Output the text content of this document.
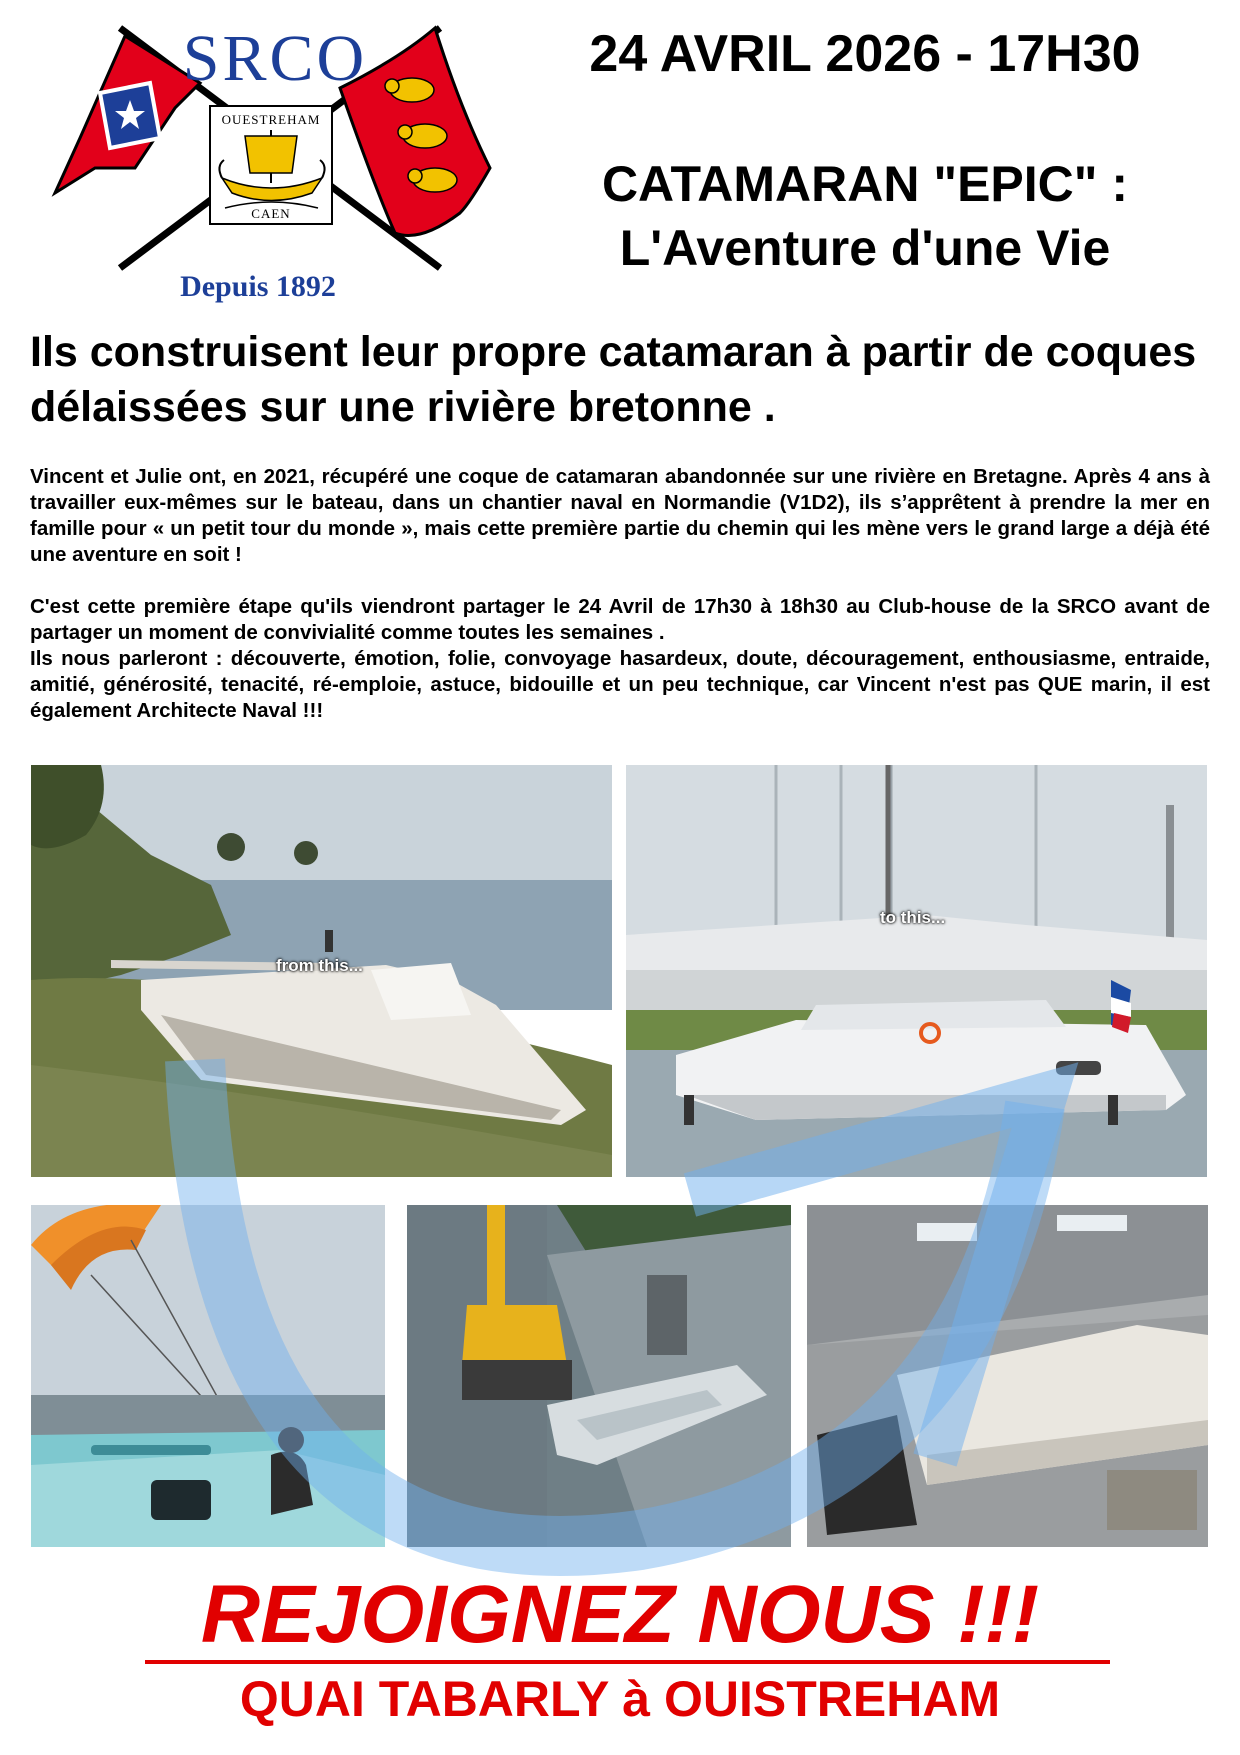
SRCO
OUESTREHAM
CAEN
Depuis 1892
24 AVRIL 2026 - 17H30
CATAMARAN "EPIC" :
L'Aventure d'une Vie
Ils construisent leur propre catamaran à partir de coques délaissées sur une rivière bretonne .

Vincent et Julie ont, en 2021, récupéré une coque de catamaran abandonnée sur une rivière en Bretagne. Après 4 ans à travailler eux-mêmes sur le bateau, dans un chantier naval en Normandie (V1D2), ils s’apprêtent à prendre la mer en famille pour « un petit tour du monde », mais cette première partie du chemin qui les mène vers le grand large a déjà été une aventure en soit !

C'est cette première étape qu'ils viendront partager le 24 Avril de 17h30 à 18h30 au Club-house de la SRCO avant de partager un moment de convivialité comme toutes les semaines .

Ils nous parleront : découverte, émotion, folie, convoyage hasardeux, doute, découragement, enthousiasme, entraide, amitié, générosité, tenacité, ré-emploie, astuce, bidouille et un peu technique, car Vincent n'est pas QUE marin, il est également Architecte Naval !!!

from this...
to this...
REJOIGNEZ NOUS !!!
QUAI TABARLY à OUISTREHAM
